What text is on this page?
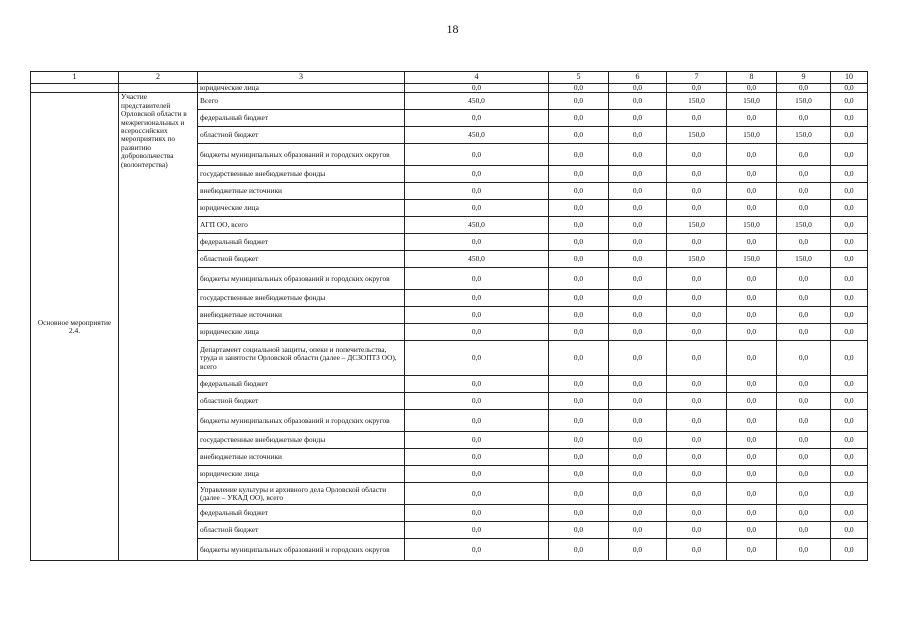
18
1	2	3	4	5	6	7	8	9	10
		юридические лица	0,0	0,0	0,0	0,0	0,0	0,0	0,0
Основное мероприятие 2.4.	Участие представителей Орловской области в межрегиональных и всероссийских мероприятиях по развитию добровольчества (волонтерства)	Всего	450,0	0,0	0,0	150,0	150,0	150,0	0,0
		федеральный бюджет	0,0	0,0	0,0	0,0	0,0	0,0	0,0
		областной бюджет	450,0	0,0	0,0	150,0	150,0	150,0	0,0
		бюджеты муниципальных образований и городских округов	0,0	0,0	0,0	0,0	0,0	0,0	0,0
		государственные внебюджетные фонды	0,0	0,0	0,0	0,0	0,0	0,0	0,0
		внебюджетные источники	0,0	0,0	0,0	0,0	0,0	0,0	0,0
		юридические лица	0,0	0,0	0,0	0,0	0,0	0,0	0,0
		АГП ОО, всего	450,0	0,0	0,0	150,0	150,0	150,0	0,0
		федеральный бюджет	0,0	0,0	0,0	0,0	0,0	0,0	0,0
		областной бюджет	450,0	0,0	0,0	150,0	150,0	150,0	0,0
		бюджеты муниципальных образований и городских округов	0,0	0,0	0,0	0,0	0,0	0,0	0,0
		государственные внебюджетные фонды	0,0	0,0	0,0	0,0	0,0	0,0	0,0
		внебюджетные источники	0,0	0,0	0,0	0,0	0,0	0,0	0,0
		юридические лица	0,0	0,0	0,0	0,0	0,0	0,0	0,0
		Департамент социальной защиты, опеки и попечительства, труда и занятости Орловской области (далее – ДСЗОПТЗ ОО), всего	0,0	0,0	0,0	0,0	0,0	0,0	0,0
		федеральный бюджет	0,0	0,0	0,0	0,0	0,0	0,0	0,0
		областной бюджет	0,0	0,0	0,0	0,0	0,0	0,0	0,0
		бюджеты муниципальных образований и городских округов	0,0	0,0	0,0	0,0	0,0	0,0	0,0
		государственные внебюджетные фонды	0,0	0,0	0,0	0,0	0,0	0,0	0,0
		внебюджетные источники	0,0	0,0	0,0	0,0	0,0	0,0	0,0
		юридические лица	0,0	0,0	0,0	0,0	0,0	0,0	0,0
		Управление культуры и архивного дела Орловской области (далее – УКАД ОО), всего	0,0	0,0	0,0	0,0	0,0	0,0	0,0
		федеральный бюджет	0,0	0,0	0,0	0,0	0,0	0,0	0,0
		областной бюджет	0,0	0,0	0,0	0,0	0,0	0,0	0,0
		бюджеты муниципальных образований и городских округов	0,0	0,0	0,0	0,0	0,0	0,0	0,0
